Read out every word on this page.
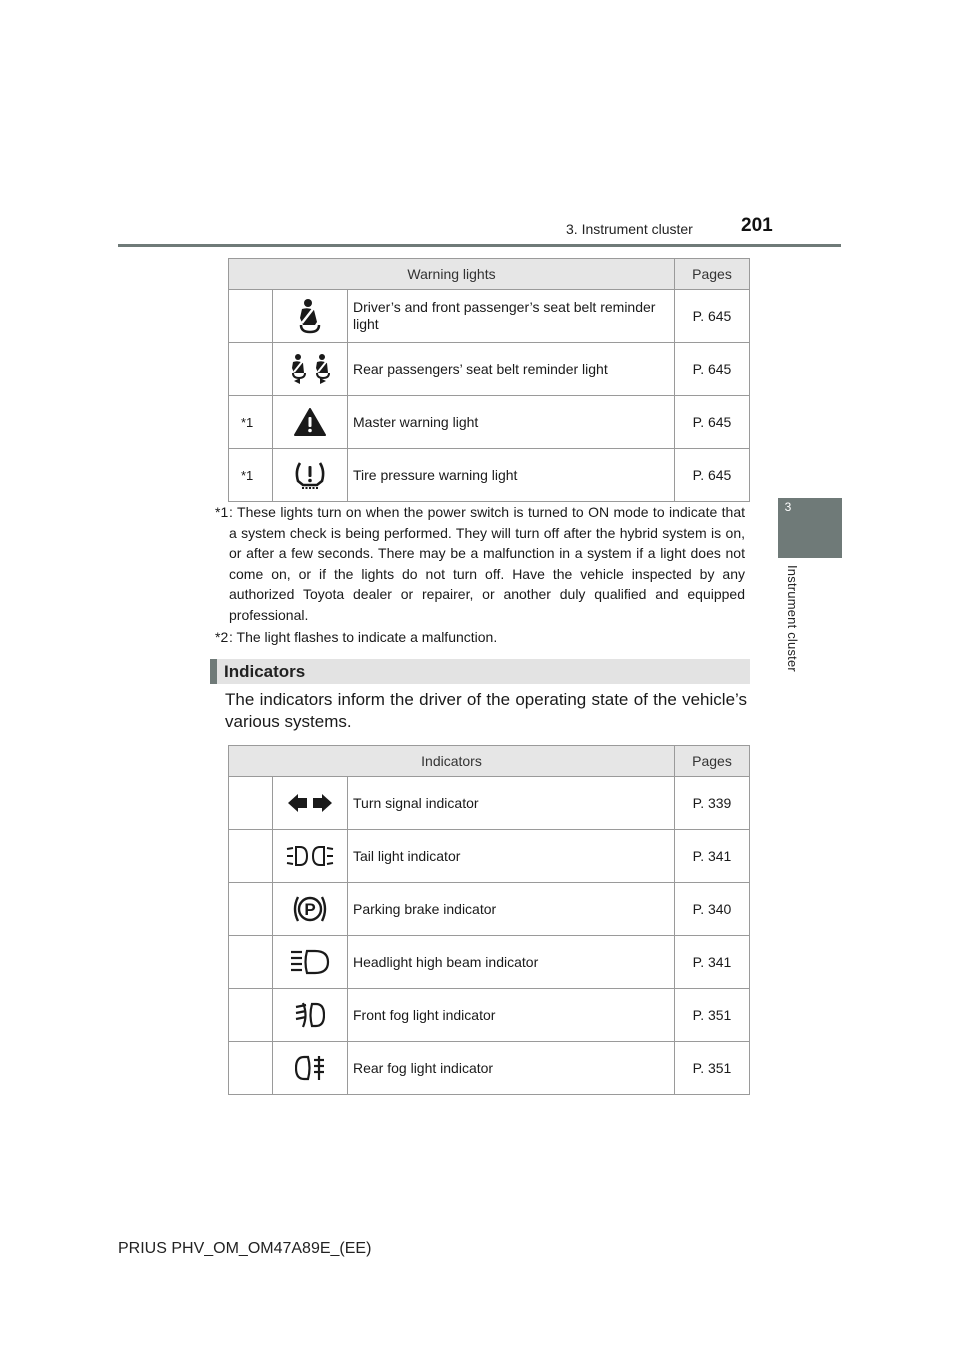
3. Instrument cluster	201
3
Instrument cluster
Warning lights			Pages

	Driver’s and front passenger’s seat belt reminder light	P. 645

	Rear passengers’ seat belt reminder light	P. 645
*1		Master warning light	P. 645
*1		Tire pressure warning light	P. 645
*1 : These lights turn on when the power switch is turned to ON mode to indicate that a system check is being performed. They will turn off after the hybrid system is on, or after a few seconds. There may be a malfunction in a system if a light does not come on, or if the lights do not turn off. Have the vehicle inspected by any authorized Toyota dealer or repairer, or another duly qualified and equipped professional.
*2 : The light flashes to indicate a malfunction.
Indicators
The indicators inform the driver of the operating state of the vehicle’s various systems.
Indicators			Pages

	Turn signal indicator	P. 339

	Tail light indicator	P. 341

P	Parking brake indicator	P. 340

	Headlight high beam indicator	P. 341

	Front fog light indicator	P. 351

	Rear fog light indicator	P. 351
PRIUS PHV_OM_OM47A89E_(EE)
